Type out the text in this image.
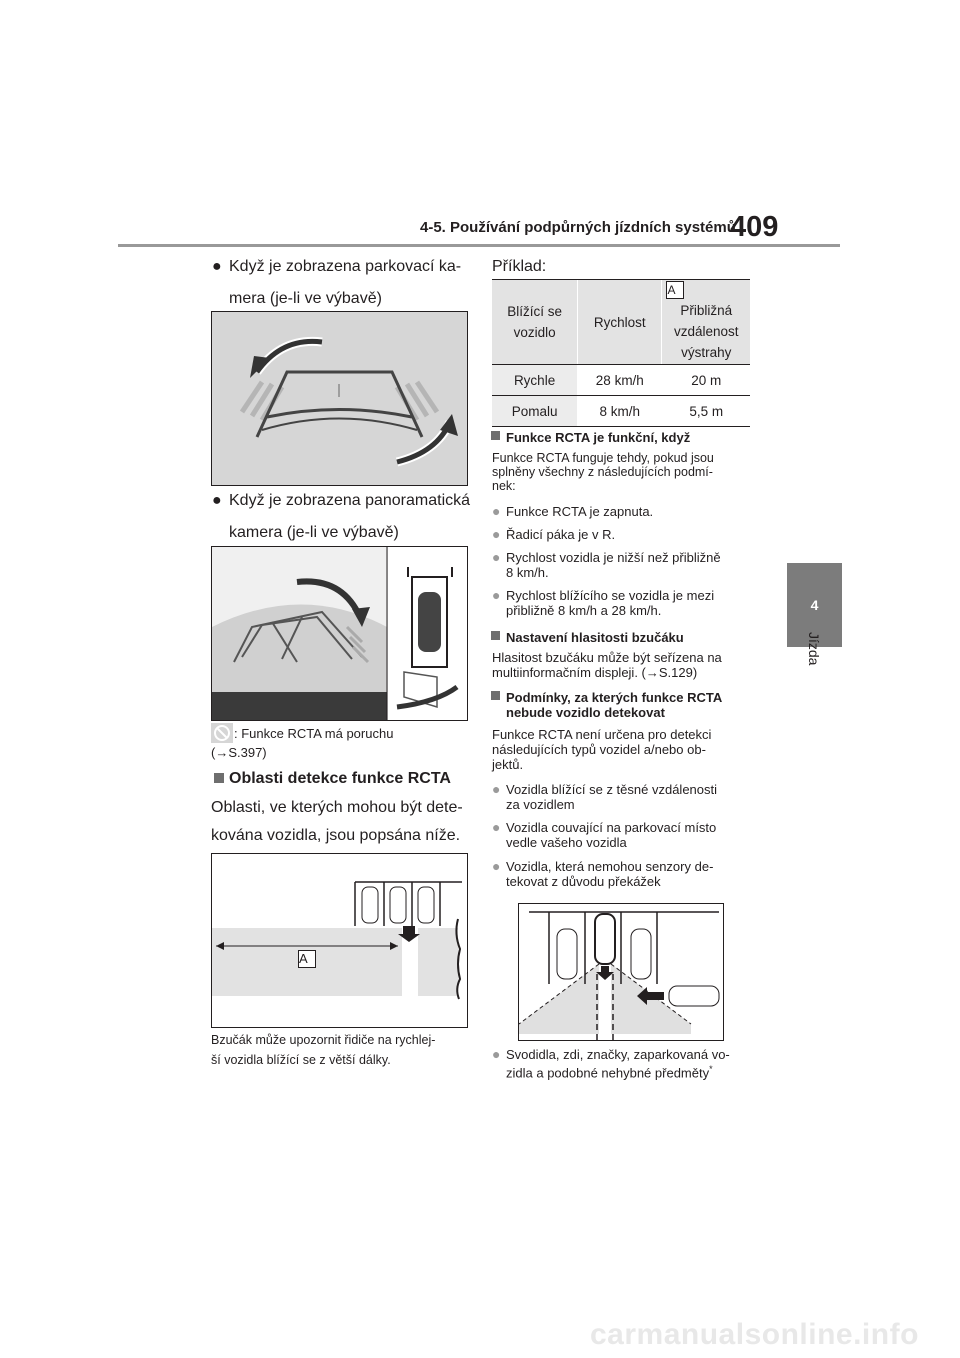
4-5. Používání podpůrných jízdních systémů
409
4
Jízda
● Když je zobrazena parkovací ka-
mera (je-li ve výbavě)
● Když je zobrazena panoramatická
kamera (je-li ve výbavě)
: Funkce RCTA má poruchu
(→S.397)
Oblasti detekce funkce RCTA
Oblasti, ve kterých mohou být dete-
kována vozidla, jsou popsána níže.
A
Bzučák může upozornit řidiče na rychlej-
ší vozidla blížící se z větší dálky.
Příklad:
Blížící se vozidlo	Rychlost	A
Přibližná vzdálenost výstrahy
Rychle	28 km/h	20 m
Pomalu	8 km/h	5,5 m
Funkce RCTA je funkční, když
Funkce RCTA funguje tehdy, pokud jsou
splněny všechny z následujících podmí-
nek:
● Funkce RCTA je zapnuta.
● Řadicí páka je v R.
● Rychlost vozidla je nižší než přibližně
8 km/h.
● Rychlost blížícího se vozidla je mezi
přibližně 8 km/h a 28 km/h.
Nastavení hlasitosti bzučáku
Hlasitost bzučáku může být seřízena na
multiinformačním displeji. (→S.129)
Podmínky, za kterých funkce RCTA
nebude vozidlo detekovat
Funkce RCTA není určena pro detekci
následujících typů vozidel a/nebo ob-
jektů.
● Vozidla blížící se z těsné vzdálenosti
za vozidlem
● Vozidla couvající na parkovací místo
vedle vašeho vozidla
● Vozidla, která nemohou senzory de-
tekovat z důvodu překážek
● Svodidla, zdi, značky, zaparkovaná vo-
zidla a podobné nehybné předměty*
carmanualsonline.info
